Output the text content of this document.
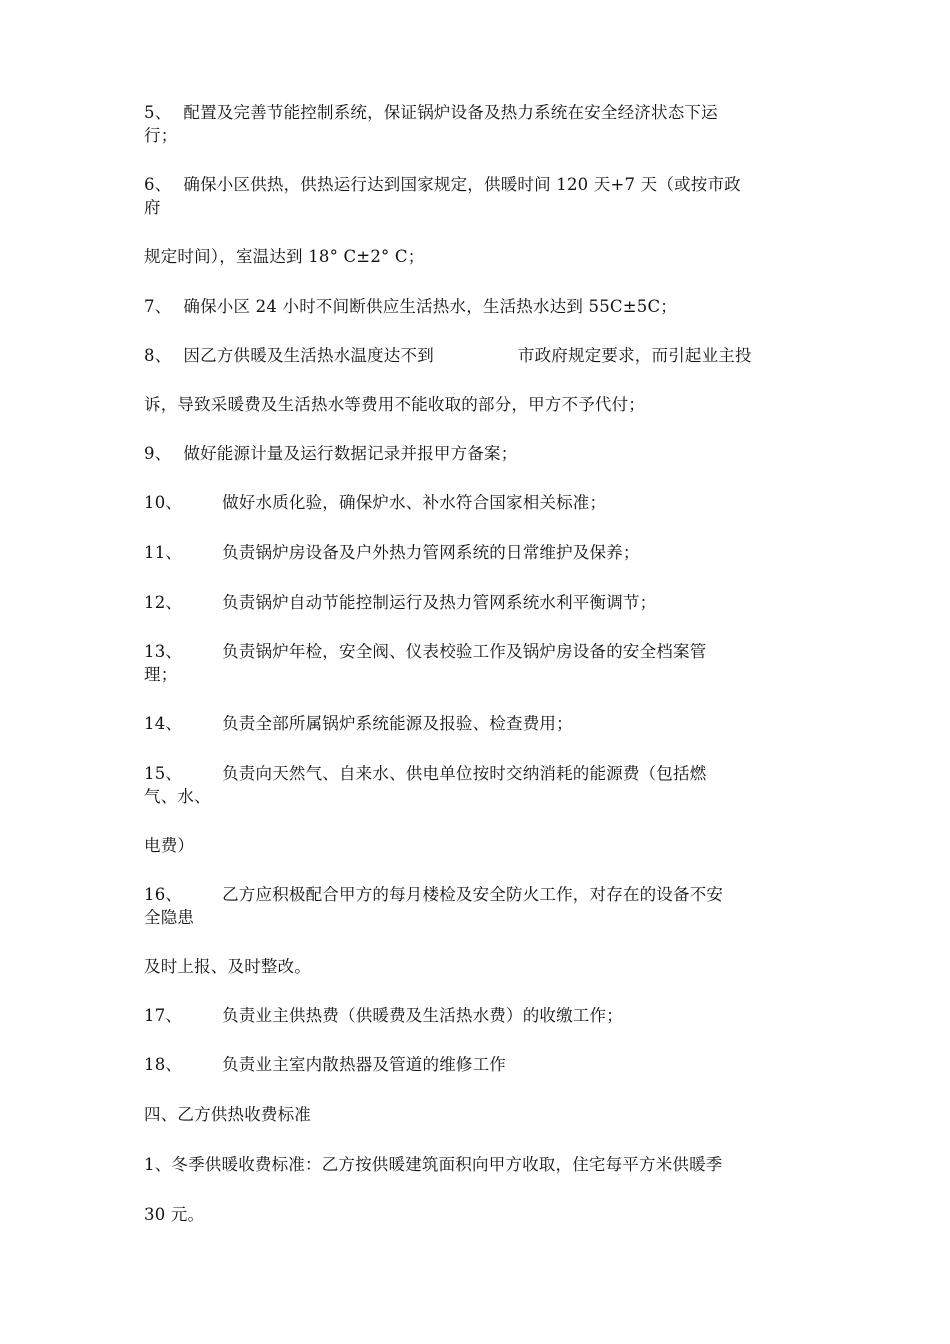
5、 配置及完善节能控制系统，保证锅炉设备及热力系统在安全经济状态下运
行；
6、 确保小区供热，供热运行达到国家规定，供暖时间 120 天+7 天（或按市政
府
规定时间），室温达到 18° C±2° C；
7、 确保小区 24 小时不间断供应生活热水，生活热水达到 55C±5C；
8、 因乙方供暖及生活热水温度达不到	市政府规定要求，而引起业主投
诉，导致采暖费及生活热水等费用不能收取的部分，甲方不予代付；
9、 做好能源计量及运行数据记录并报甲方备案；
10、 做好水质化验，确保炉水、补水符合国家相关标准；
11、 负责锅炉房设备及户外热力管网系统的日常维护及保养；
12、 负责锅炉自动节能控制运行及热力管网系统水利平衡调节；
13、 负责锅炉年检，安全阀、仪表校验工作及锅炉房设备的安全档案管
理；
14、 负责全部所属锅炉系统能源及报验、检查费用；
15、 负责向天然气、自来水、供电单位按时交纳消耗的能源费（包括燃
气、水、
电费）
16、 乙方应积极配合甲方的每月楼检及安全防火工作，对存在的设备不安
全隐患
及时上报、及时整改。
17、 负责业主供热费（供暖费及生活热水费）的收缴工作；
18、 负责业主室内散热器及管道的维修工作
四、乙方供热收费标准
1、冬季供暖收费标准：乙方按供暖建筑面积向甲方收取，住宅每平方米供暖季
30 元。
